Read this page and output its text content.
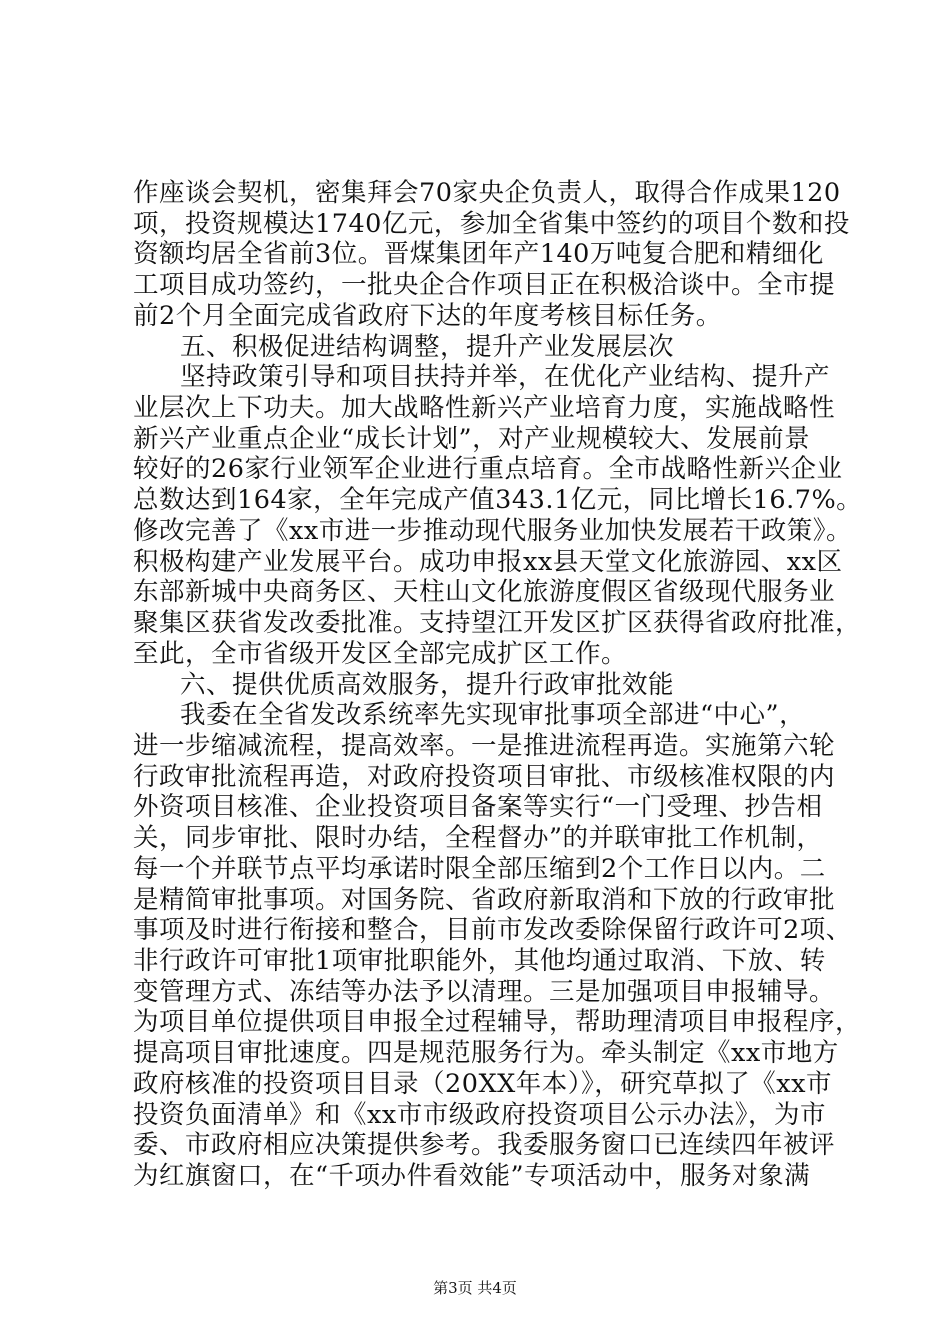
作座谈会契机，密集拜会70家央企负责人，取得合作成果120
项，投资规模达1740亿元，参加全省集中签约的项目个数和投
资额均居全省前3位。晋煤集团年产140万吨复合肥和精细化
工项目成功签约，一批央企合作项目正在积极洽谈中。全市提
前2个月全面完成省政府下达的年度考核目标任务。
五、积极促进结构调整，提升产业发展层次
坚持政策引导和项目扶持并举，在优化产业结构、提升产
业层次上下功夫。加大战略性新兴产业培育力度，实施战略性
新兴产业重点企业“成长计划”，对产业规模较大、发展前景
较好的26家行业领军企业进行重点培育。全市战略性新兴企业
总数达到164家，全年完成产值343.1亿元，同比增长16.7%。
修改完善了《xx市进一步推动现代服务业加快发展若干政策》。
积极构建产业发展平台。成功申报xx县天堂文化旅游园、xx区
东部新城中央商务区、天柱山文化旅游度假区省级现代服务业
聚集区获省发改委批准。支持望江开发区扩区获得省政府批准，
至此，全市省级开发区全部完成扩区工作。
六、提供优质高效服务，提升行政审批效能
我委在全省发改系统率先实现审批事项全部进“中心”，
进一步缩减流程，提高效率。一是推进流程再造。实施第六轮
行政审批流程再造，对政府投资项目审批、市级核准权限的内
外资项目核准、企业投资项目备案等实行“一门受理、抄告相
关，同步审批、限时办结，全程督办”的并联审批工作机制，
每一个并联节点平均承诺时限全部压缩到2个工作日以内。二
是精简审批事项。对国务院、省政府新取消和下放的行政审批
事项及时进行衔接和整合，目前市发改委除保留行政许可2项、
非行政许可审批1项审批职能外，其他均通过取消、下放、转
变管理方式、冻结等办法予以清理。三是加强项目申报辅导。
为项目单位提供项目申报全过程辅导，帮助理清项目申报程序，
提高项目审批速度。四是规范服务行为。牵头制定《xx市地方
政府核准的投资项目目录（20XX年本）》，研究草拟了《xx市
投资负面清单》和《xx市市级政府投资项目公示办法》，为市
委、市政府相应决策提供参考。我委服务窗口已连续四年被评
为红旗窗口，在“千项办件看效能”专项活动中，服务对象满
第3页 共4页
